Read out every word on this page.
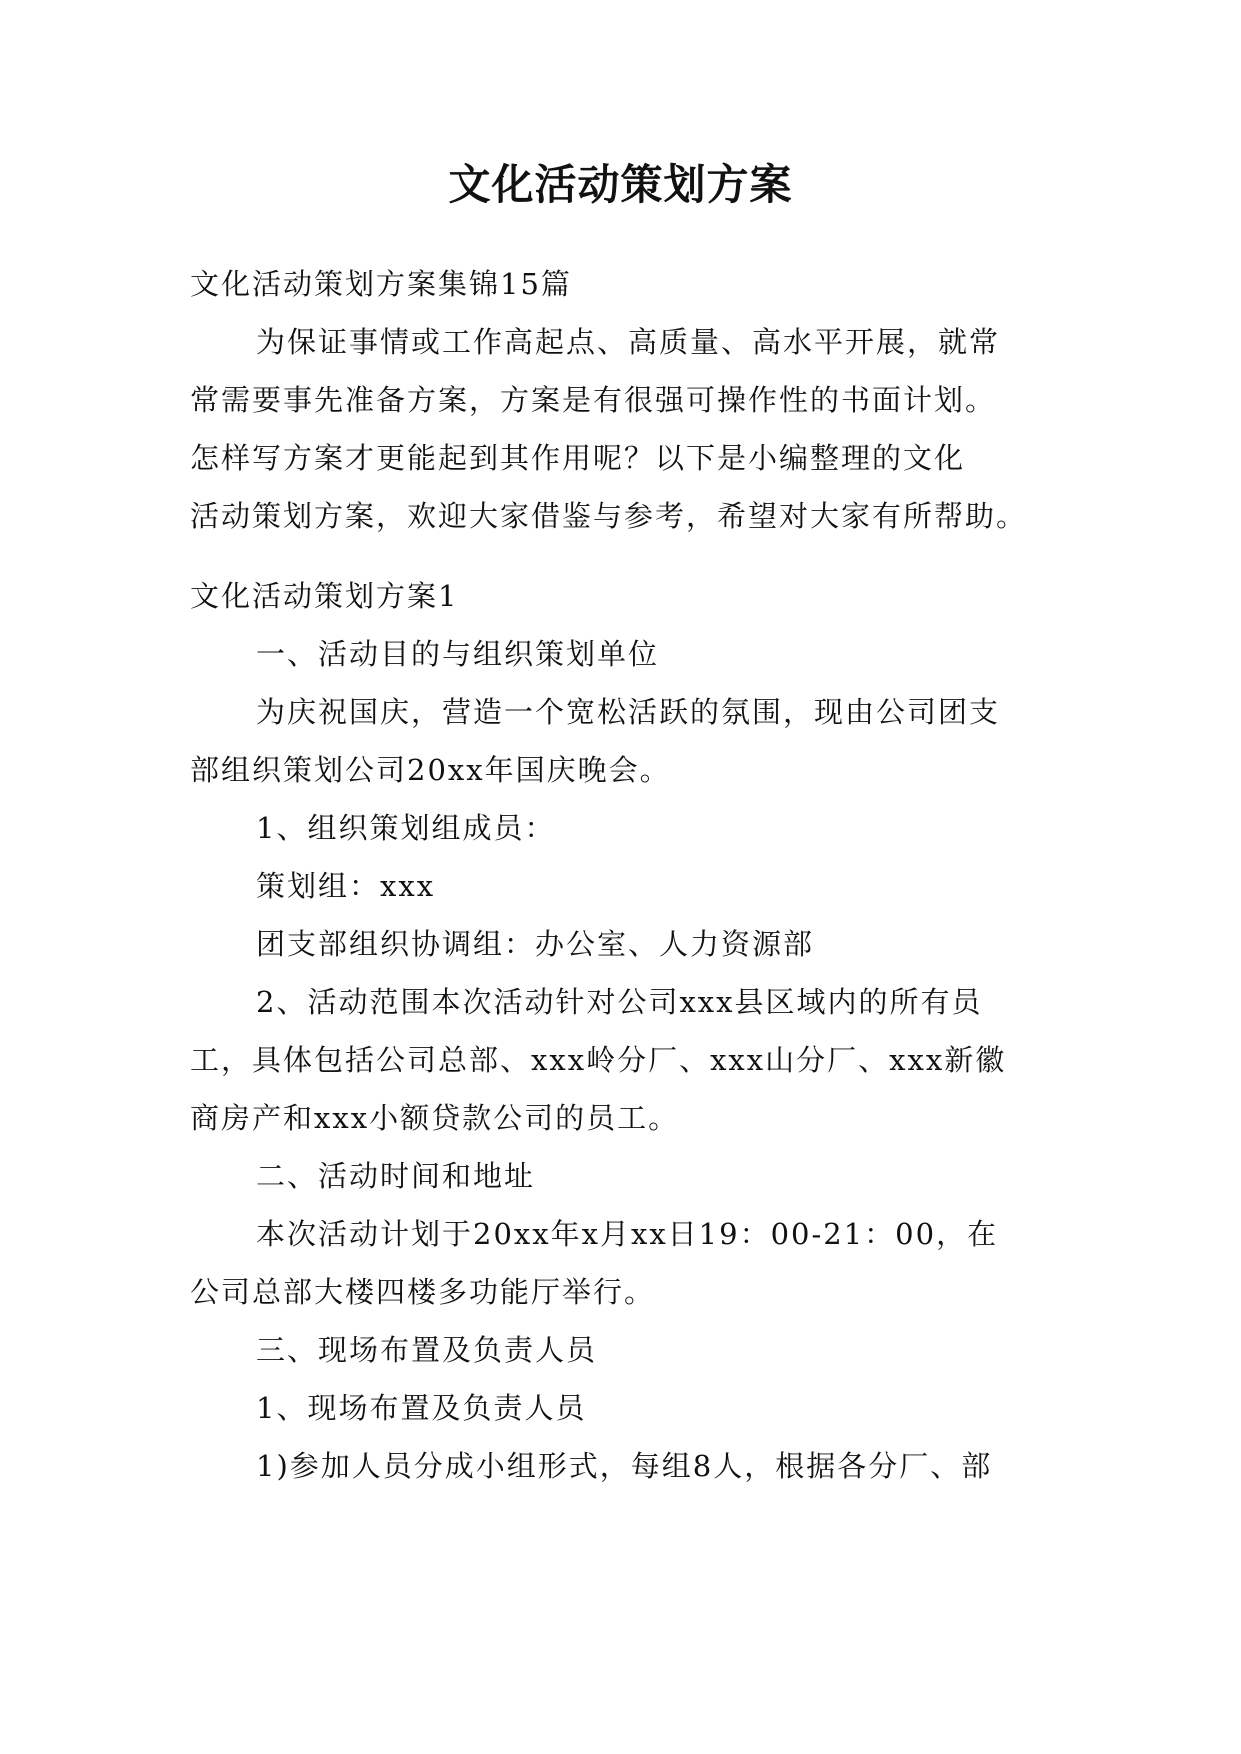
文化活动策划方案
文化活动策划方案集锦15篇
为保证事情或工作高起点、高质量、高水平开展，就常
常需要事先准备方案，方案是有很强可操作性的书面计划。
怎样写方案才更能起到其作用呢？以下是小编整理的文化
活动策划方案，欢迎大家借鉴与参考，希望对大家有所帮助。
文化活动策划方案1
一、活动目的与组织策划单位
为庆祝国庆，营造一个宽松活跃的氛围，现由公司团支
部组织策划公司20xx年国庆晚会。
1、组织策划组成员：
策划组：xxx
团支部组织协调组：办公室、人力资源部
2、活动范围本次活动针对公司xxx县区域内的所有员
工，具体包括公司总部、xxx岭分厂、xxx山分厂、xxx新徽
商房产和xxx小额贷款公司的员工。
二、活动时间和地址
本次活动计划于20xx年x月xx日19：00-21：00，在
公司总部大楼四楼多功能厅举行。
三、现场布置及负责人员
1、现场布置及负责人员
1)参加人员分成小组形式，每组8人，根据各分厂、部
